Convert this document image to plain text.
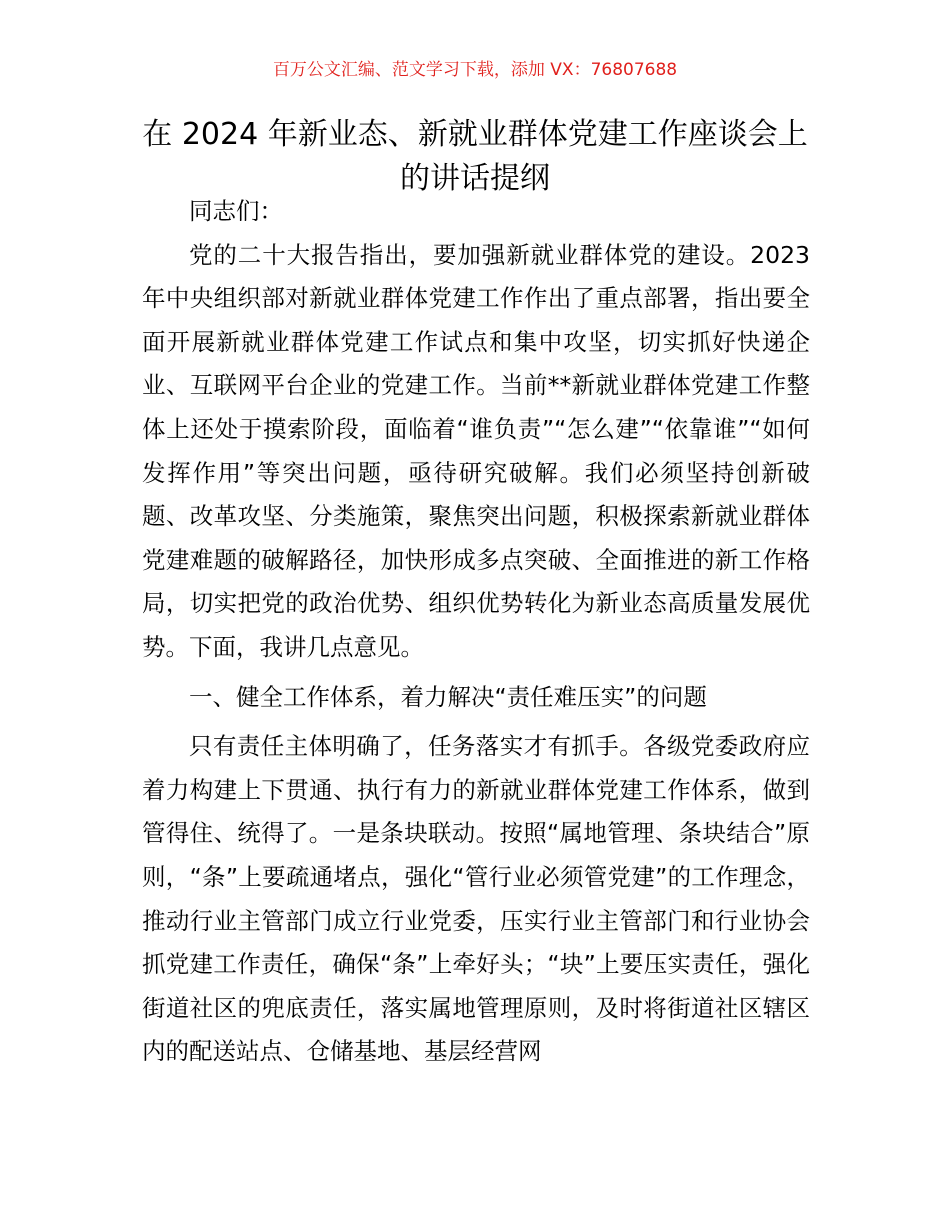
百万公文汇编、范文学习下载，添加 VX：76807688
在 2024 年新业态、新就业群体党建工作座谈会上的讲话提纲

同志们：

党的二十大报告指出，要加强新就业群体党的建设。2023 年中央组织部对新就业群体党建工作作出了重点部署，指出要全面开展新就业群体党建工作试点和集中攻坚，切实抓好快递企业、互联网平台企业的党建工作。当前**新就业群体党建工作整体上还处于摸索阶段，面临着“谁负责”“怎么建”“依靠谁”“如何发挥作用”等突出问题，亟待研究破解。我们必须坚持创新破题、改革攻坚、分类施策，聚焦突出问题，积极探索新就业群体党建难题的破解路径，加快形成多点突破、全面推进的新工作格局，切实把党的政治优势、组织优势转化为新业态高质量发展优势。下面，我讲几点意见。

一、健全工作体系，着力解决“责任难压实”的问题

只有责任主体明确了，任务落实才有抓手。各级党委政府应着力构建上下贯通、执行有力的新就业群体党建工作体系，做到管得住、统得了。一是条块联动。按照“属地管理、条块结合”原则，“条”上要疏通堵点，强化“管行业必须管党建”的工作理念，推动行业主管部门成立行业党委，压实行业主管部门和行业协会抓党建工作责任，确保“条”上牵好头；“块”上要压实责任，强化街道社区的兜底责任，落实属地管理原则，及时将街道社区辖区内的配送站点、仓储基地、基层经营网
